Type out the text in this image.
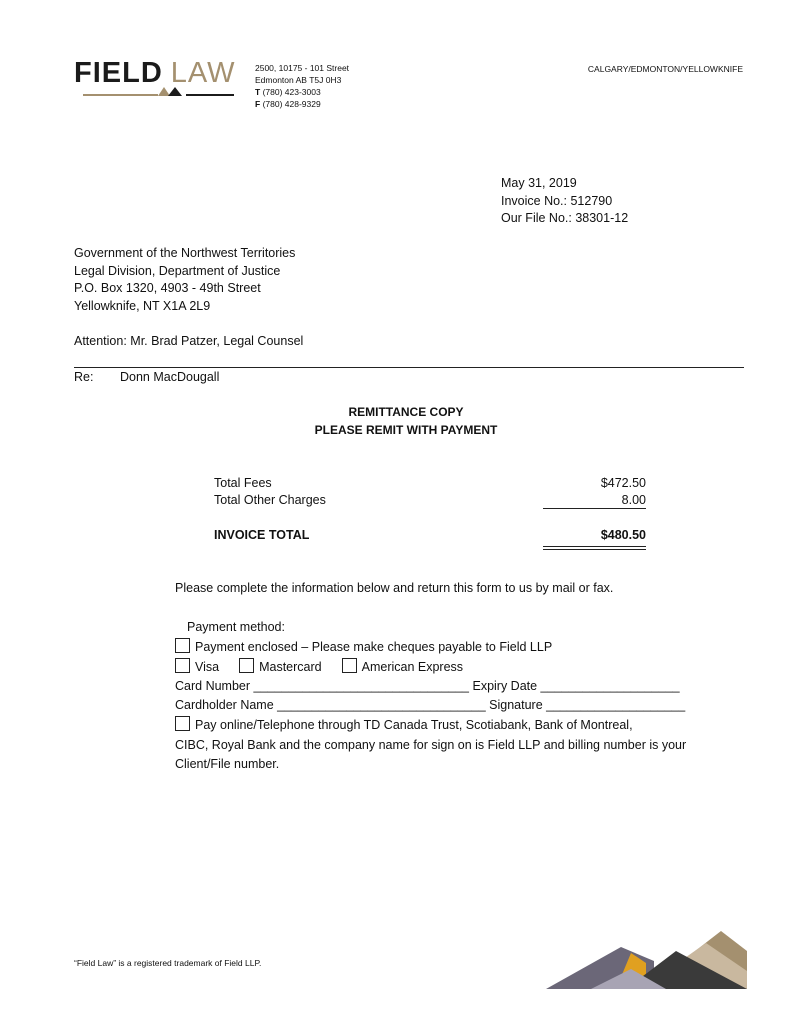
FIELD LAW 2500, 10175 - 101 Street
Edmonton AB T5J 0H3
T (780) 423-3003
F (780) 428-9329
CALGARY/EDMONTON/YELLOWKNIFE
May 31, 2019
Invoice No.: 512790
Our File No.: 38301-12
Government of the Northwest Territories
Legal Division, Department of Justice
P.O. Box 1320, 4903 - 49th Street
Yellowknife, NT X1A 2L9
Attention: Mr. Brad Patzer, Legal Counsel
Re: Donn MacDougall
REMITTANCE COPY
PLEASE REMIT WITH PAYMENT
Total Fees	$472.50
Total Other Charges	8.00
INVOICE TOTAL	$480.50
Please complete the information below and return this form to us by mail or fax.
Payment method:
Payment enclosed – Please make cheques payable to Field LLP
Visa	Mastercard	American Express
Card Number _______________________________ Expiry Date ____________________
Cardholder Name ______________________________ Signature ____________________
Pay online/Telephone through TD Canada Trust, Scotiabank, Bank of Montreal,
CIBC, Royal Bank and the company name for sign on is Field LLP and billing number is your
Client/File number.
“Field Law” is a registered trademark of Field LLP.
